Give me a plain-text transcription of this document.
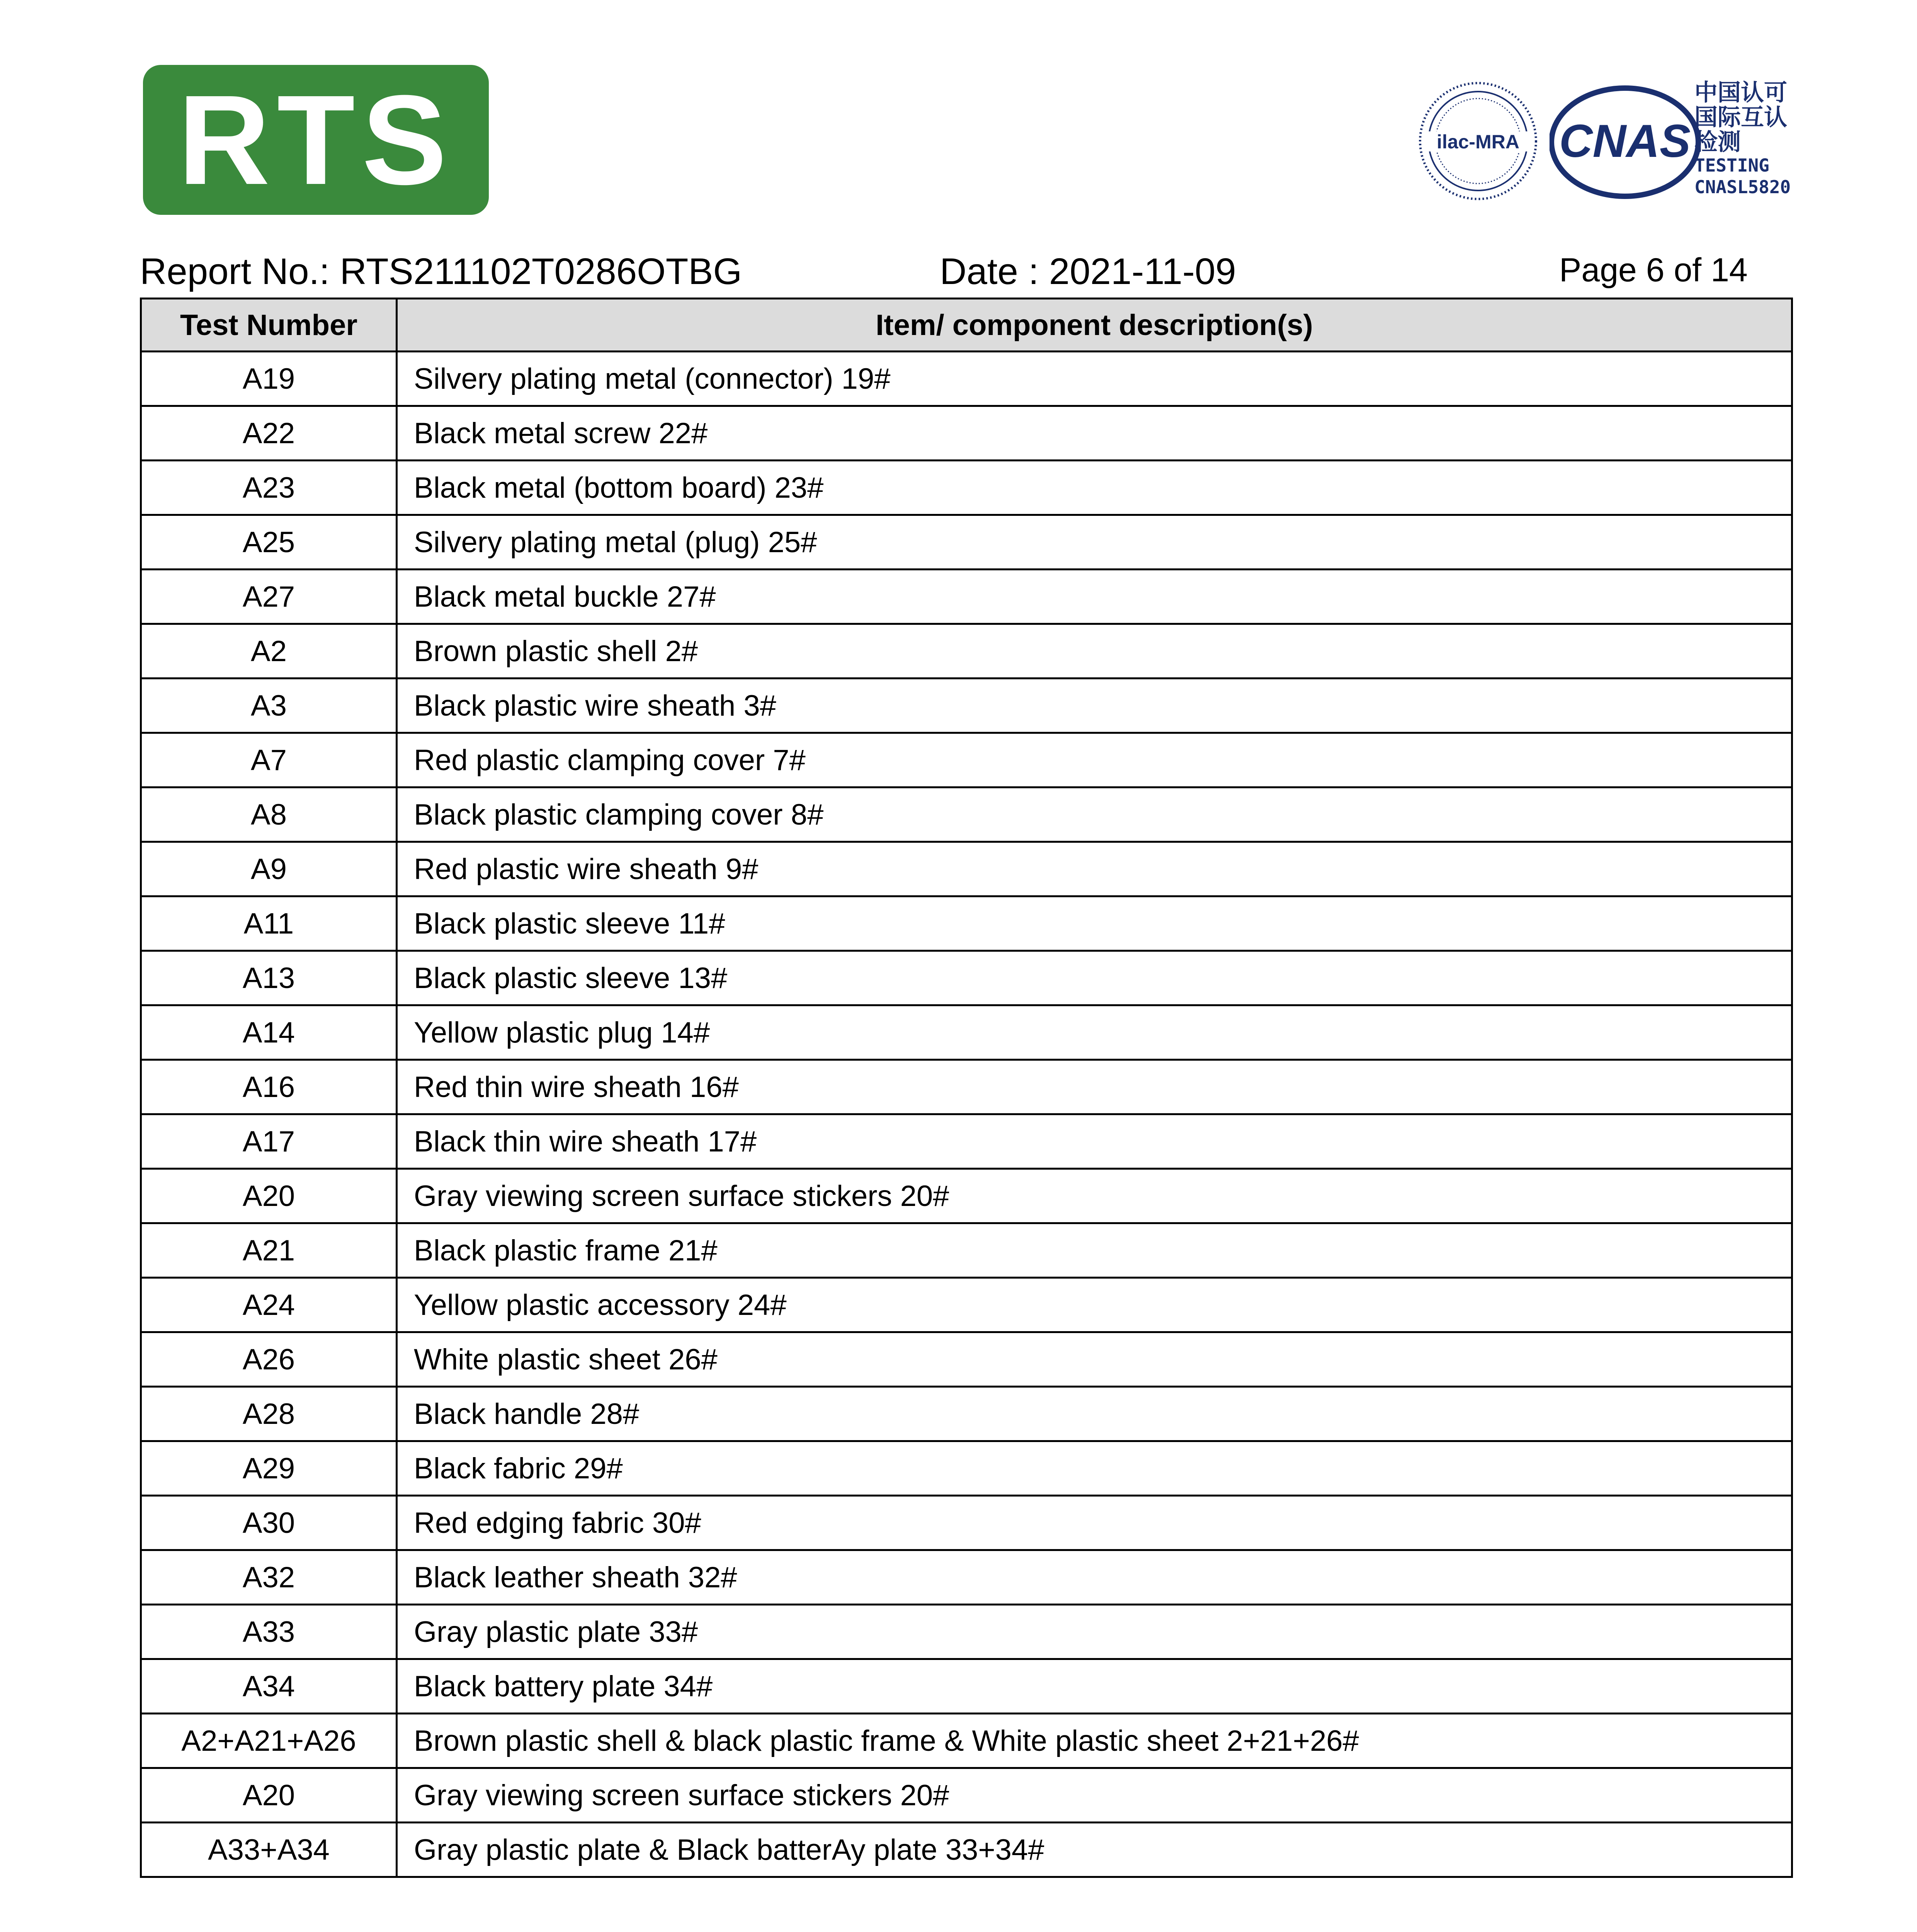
RTS	ilac-MRA CNAS
中国认可
国际互认
检测
TESTING
CNASL5820
Report No.: RTS211102T0286OTBG	Date : 2021-11-09	Page 6 of 14
Test Number	Item/ component description(s)
A19	Silvery plating metal (connector) 19#
A22	Black metal screw 22#
A23	Black metal (bottom board) 23#
A25	Silvery plating metal (plug) 25#
A27	Black metal buckle 27#
A2	Brown plastic shell 2#
A3	Black plastic wire sheath 3#
A7	Red plastic clamping cover 7#
A8	Black plastic clamping cover 8#
A9	Red plastic wire sheath 9#
A11	Black plastic sleeve 11#
A13	Black plastic sleeve 13#
A14	Yellow plastic plug 14#
A16	Red thin wire sheath 16#
A17	Black thin wire sheath 17#
A20	Gray viewing screen surface stickers 20#
A21	Black plastic frame 21#
A24	Yellow plastic accessory 24#
A26	White plastic sheet 26#
A28	Black handle 28#
A29	Black fabric 29#
A30	Red edging fabric 30#
A32	Black leather sheath 32#
A33	Gray plastic plate 33#
A34	Black battery plate 34#
A2+A21+A26	Brown plastic shell & black plastic frame & White plastic sheet 2+21+26#
A20	Gray viewing screen surface stickers 20#
A33+A34	Gray plastic plate & Black batterAy plate 33+34#
